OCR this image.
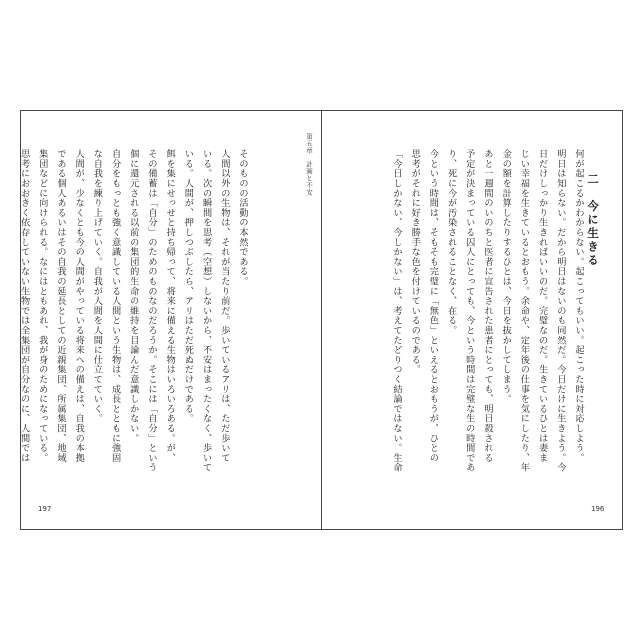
第五章　計画と不安

そのものの活動の本然である。
人間以外の生物は、それが当たり前だ。歩いているアリは、ただ歩いて
いる。次の瞬間を思考（空想）しないから、不安はまったくなく、歩いて
いる。人間が、押しつぶしたら、アリはただ死ぬだけである。
餌を集にせっせと持ち帰って、将来に備える生物はいろいろある。が、
その備蓄は「自分」のためのものなのだろうか。そこには「自分」という
個に還元される以前の集団的生命の維持を目論んだ意識しかない。
自分をもっとも強く意識している人間という生物は、成長とともに強固
な自我を練り上げていく。自我が人間を人間に仕立てていく。
人間が、少なくとも今の人間がやっている将来への備えは、自我の本拠
である個人あるいはその自我の延長としての近親集団、所属集団、地域
集団などに向けられる。なにはともあれ、我が身のためになっている。
思考におおきく依存していない生物では全集団が自分なのに、人間では
197

二　今に生きる

何が起こるかわからない。起こってもいい。起こった時に対応しよう。
明日は知らない。だから明日はないのも同然だ。今日だけに生きよう。今
日だけしっかり生きればいいのだ。完璧なのだ。生きているひとは妻ま
じい幸福を生きているとおもう。余命や、定年後の仕事を気にしたり、年
金の額を計算したりするひとは、今日を抜かしてしまう。
あと一週間のいのちと医者に宣告された患者にとっても、明日殺される
予定が決まっている囚人にとっても、今という時間は完璧な生の時間であ
り、死に今が汚染されることなく、在る。
今という時間は、そもそも完璧に「無色」といえるとおもうが、ひとの
思考がそれに好き勝手な色を付けているのである。
「今日しかない、今しかない」は、考えてたどりつく結論ではない。生命
196
